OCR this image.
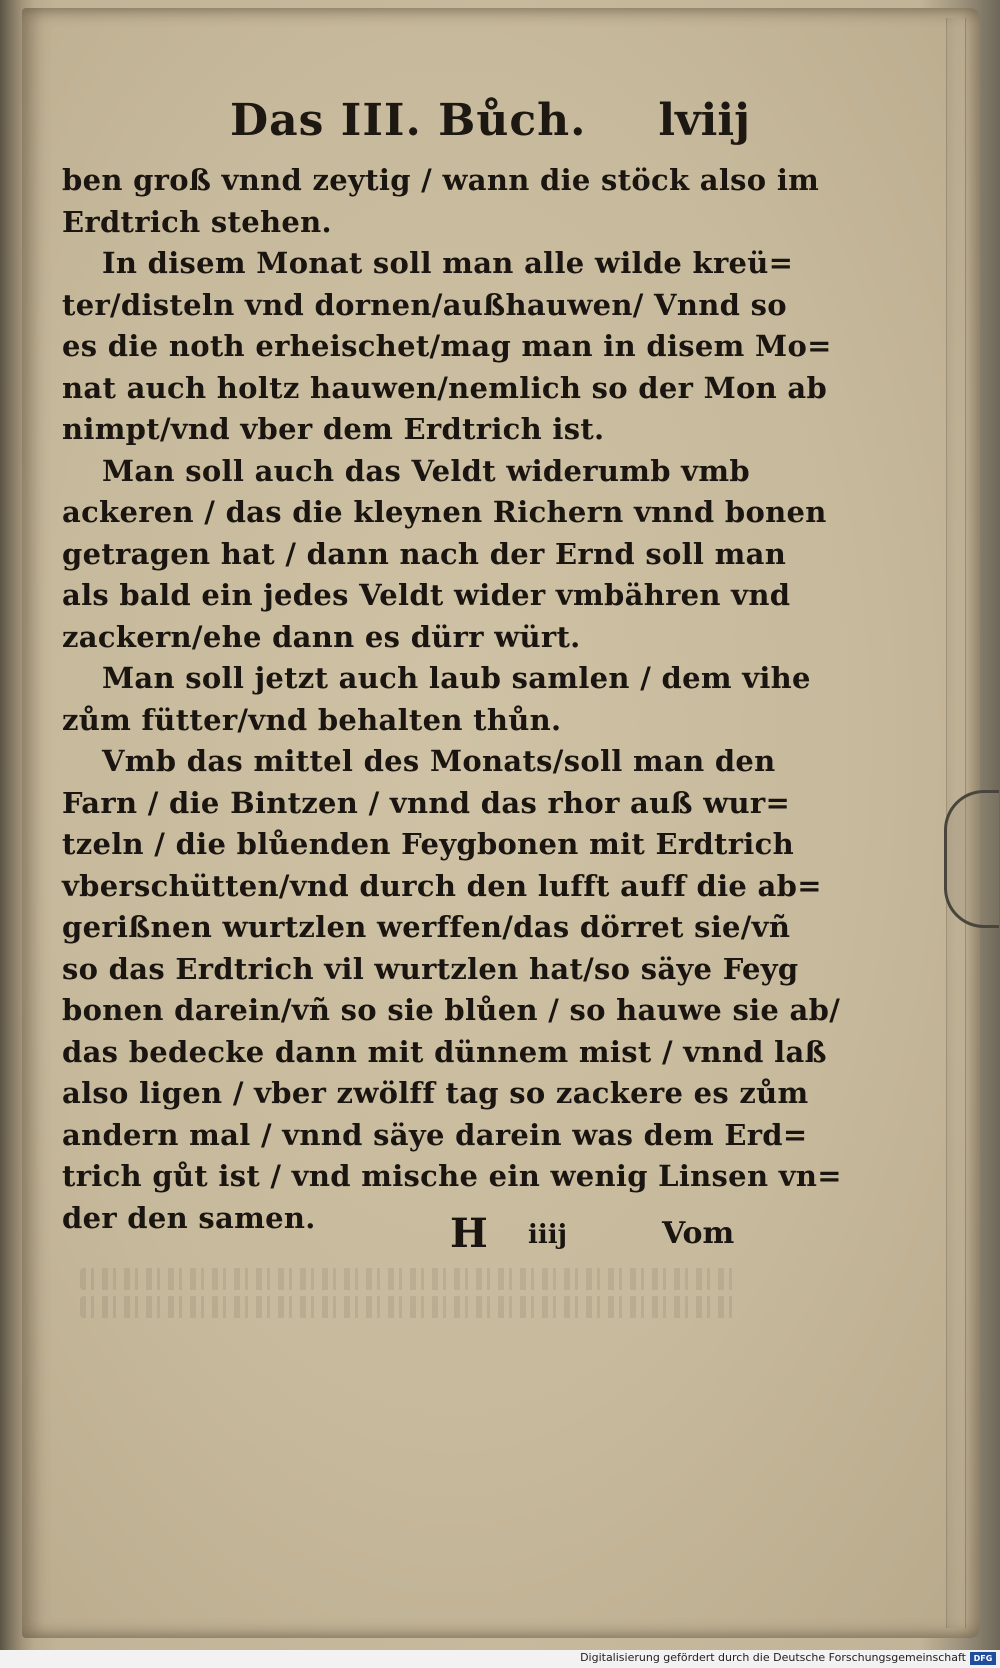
Das III. Bůch. lviij
ben groß vnnd zeytig / wann die stöck also im
Erdtrich stehen.
In disem Monat soll man alle wilde kreü=
ter/disteln vnd dornen/außhauwen/ Vnnd so
es die noth erheischet/mag man in disem Mo=
nat auch holtz hauwen/nemlich so der Mon ab
nimpt/vnd vber dem Erdtrich ist.
Man soll auch das Veldt widerumb vmb
ackeren / das die kleynen Richern vnnd bonen
getragen hat / dann nach der Ernd soll man
als bald ein jedes Veldt wider vmbähren vnd
zackern/ehe dann es dürr würt.
Man soll jetzt auch laub samlen / dem vihe
zům fütter/vnd behalten thůn.
Vmb das mittel des Monats/soll man den
Farn / die Bintzen / vnnd das rhor auß wur=
tzeln / die blůenden Feygbonen mit Erdtrich
vberschütten/vnd durch den lufft auff die ab=
gerißnen wurtzlen werffen/das dörret sie/vñ
so das Erdtrich vil wurtzlen hat/so säye Feyg
bonen darein/vñ so sie blůen / so hauwe sie ab/
das bedecke dann mit dünnem mist / vnnd laß
also ligen / vber zwölff tag so zackere es zům
andern mal / vnnd säye darein was dem Erd=
trich gůt ist / vnd mische ein wenig Linsen vn=
der den samen.	H iiij	Vom
Digitalisierung gefördert durch die Deutsche Forschungsgemeinschaft DFG
